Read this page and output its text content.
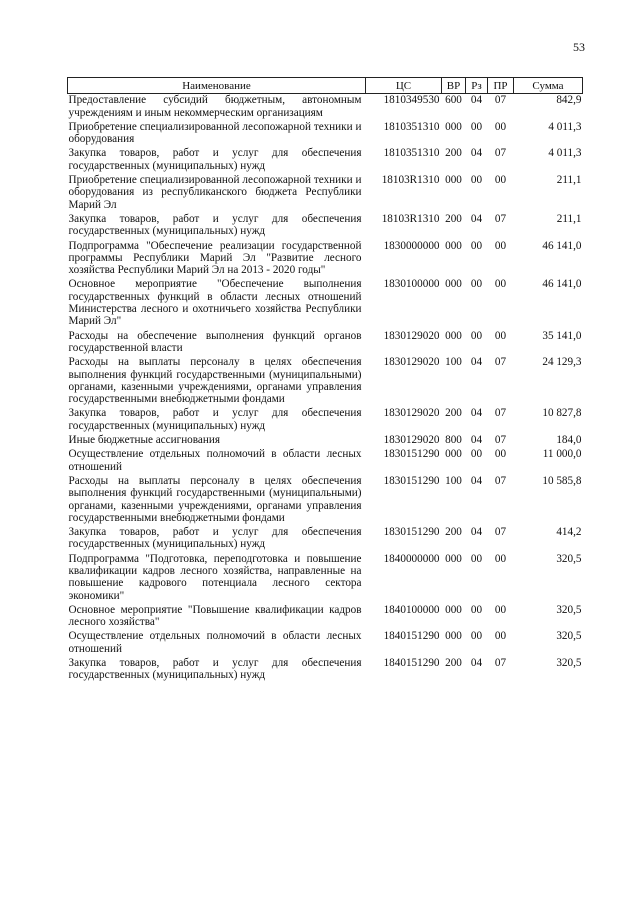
53
Наименование	ЦС	ВР	Рз	ПР	Сумма
Предоставление субсидий бюджетным, автономным учреждениям и иным некоммерческим организациям	1810349530	600	04	07	842,9
Приобретение специализированной лесопожарной техники и оборудования	1810351310	000	00	00	4 011,3
Закупка товаров, работ и услуг для обеспечения государственных (муниципальных) нужд	1810351310	200	04	07	4 011,3
Приобретение специализированной лесопожарной техники и оборудования из республиканского бюджета Республики Марий Эл	18103R1310	000	00	00	211,1
Закупка товаров, работ и услуг для обеспечения государственных (муниципальных) нужд	18103R1310	200	04	07	211,1
Подпрограмма "Обеспечение реализации государственной программы Республики Марий Эл "Развитие лесного хозяйства Республики Марий Эл на 2013 - 2020 годы"	1830000000	000	00	00	46 141,0
Основное мероприятие "Обеспечение выполнения государственных функций в области лесных отношений Министерства лесного и охотничьего хозяйства Республики Марий Эл"	1830100000	000	00	00	46 141,0
Расходы на обеспечение выполнения функций органов государственной власти	1830129020	000	00	00	35 141,0
Расходы на выплаты персоналу в целях обеспечения выполнения функций государственными (муниципальными) органами, казенными учреждениями, органами управления государственными внебюджетными фондами	1830129020	100	04	07	24 129,3
Закупка товаров, работ и услуг для обеспечения государственных (муниципальных) нужд	1830129020	200	04	07	10 827,8
Иные бюджетные ассигнования	1830129020	800	04	07	184,0
Осуществление отдельных полномочий в области лесных отношений	1830151290	000	00	00	11 000,0
Расходы на выплаты персоналу в целях обеспечения выполнения функций государственными (муниципальными) органами, казенными учреждениями, органами управления государственными внебюджетными фондами	1830151290	100	04	07	10 585,8
Закупка товаров, работ и услуг для обеспечения государственных (муниципальных) нужд	1830151290	200	04	07	414,2
Подпрограмма "Подготовка, переподготовка и повышение квалификации кадров лесного хозяйства, направленные на повышение кадрового потенциала лесного сектора экономики"	1840000000	000	00	00	320,5
Основное мероприятие "Повышение квалификации кадров лесного хозяйства"	1840100000	000	00	00	320,5
Осуществление отдельных полномочий в области лесных отношений	1840151290	000	00	00	320,5
Закупка товаров, работ и услуг для обеспечения государственных (муниципальных) нужд	1840151290	200	04	07	320,5
